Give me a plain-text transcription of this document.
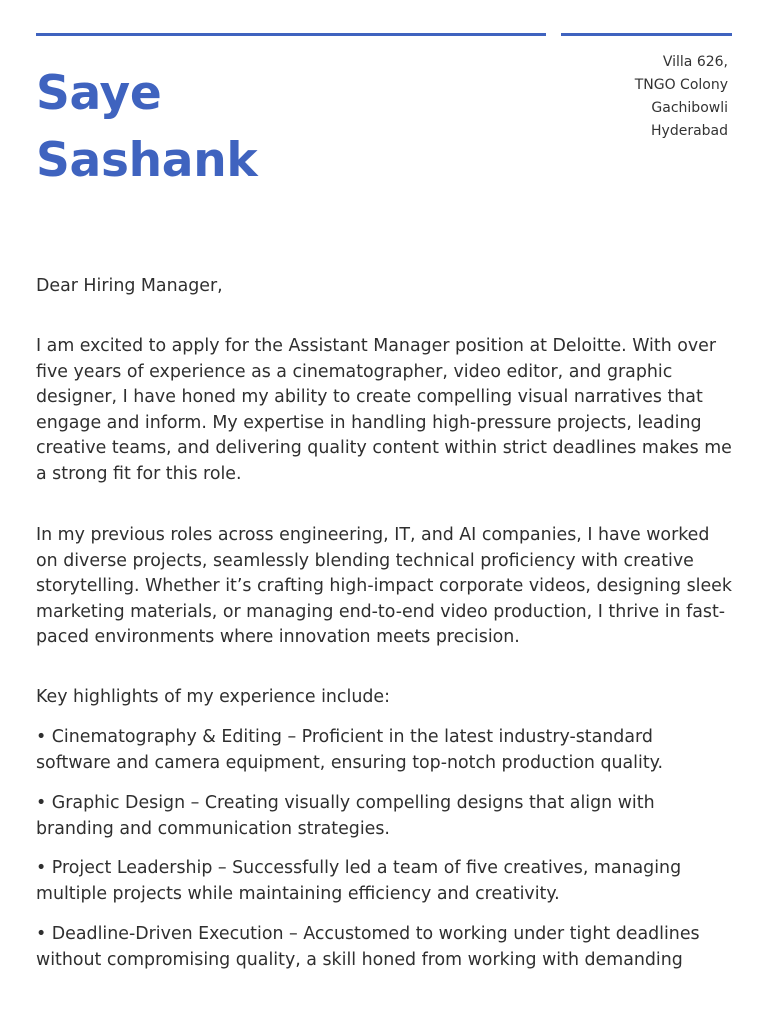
Saye
Sashank
Villa 626,
TNGO Colony
Gachibowli
Hyderabad

Dear Hiring Manager,

I am excited to apply for the Assistant Manager position at Deloitte. With over five years of experience as a cinematographer, video editor, and graphic designer, I have honed my ability to create compelling visual narratives that engage and inform. My expertise in handling high-pressure projects, leading creative teams, and delivering quality content within strict deadlines makes me a strong fit for this role.

In my previous roles across engineering, IT, and AI companies, I have worked on diverse projects, seamlessly blending technical proficiency with creative storytelling. Whether it’s crafting high-impact corporate videos, designing sleek marketing materials, or managing end-to-end video production, I thrive in fast-paced environments where innovation meets precision.

Key highlights of my experience include:

• Cinematography & Editing – Proficient in the latest industry-standard software and camera equipment, ensuring top-notch production quality.

• Graphic Design – Creating visually compelling designs that align with branding and communication strategies.

• Project Leadership – Successfully led a team of five creatives, managing multiple projects while maintaining efficiency and creativity.

• Deadline-Driven Execution – Accustomed to working under tight deadlines without compromising quality, a skill honed from working with demanding
